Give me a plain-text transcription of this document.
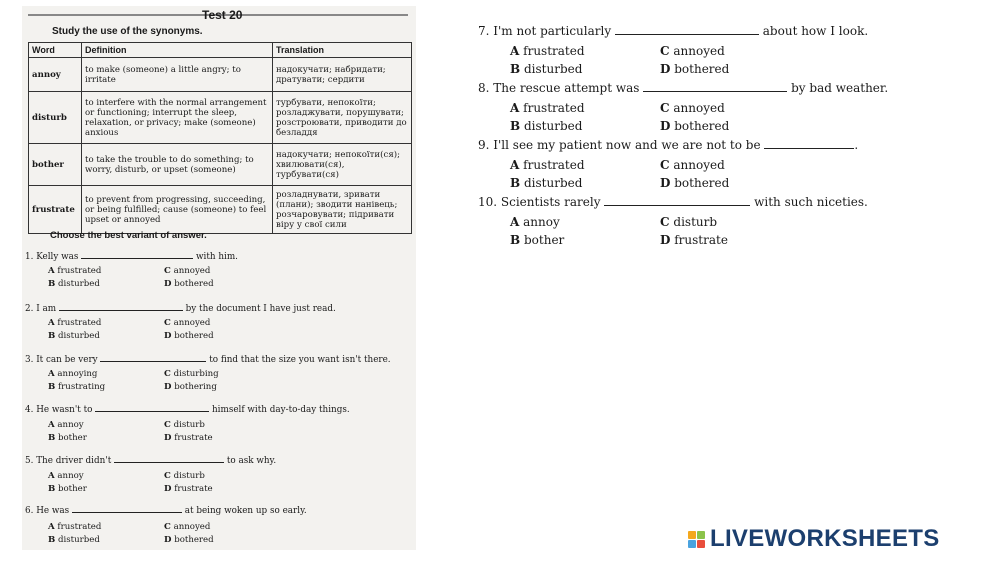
Test 20
Study the use of the synonyms.
Word	Definition	Translation
annoy	to make (someone) a little angry; to irritate	надокучати; набридати; дратувати; сердити
disturb	to interfere with the normal arrangement or functioning; interrupt the sleep, relaxation, or privacy; make (someone) anxious	турбувати, непокоїти; розладжувати, порушувати; розстроювати, приводити до безладдя
bother	to take the trouble to do something; to worry, disturb, or upset (someone)	надокучати; непокоїти(ся); хвилювати(ся), турбувати(ся)
frustrate	to prevent from progressing, succeeding, or being fulfilled; cause (someone) to feel upset or annoyed	розладнувати, зривати (плани); зводити нанівець; розчаровувати; підривати віру у свої сили
Choose the best variant of answer.
1. Kelly was	with him.
A frustrated	C annoyed
B disturbed	D bothered
2. I am	by the document I have just read.
A frustrated	C annoyed
B disturbed	D bothered
3. It can be very	to find that the size you want isn't there.
A annoying	C disturbing
B frustrating	D bothering
4. He wasn't to	himself with day-to-day things.
A annoy	C disturb
B bother	D frustrate
5. The driver didn't	to ask why.
A annoy	C disturb
B bother	D frustrate
6. He was	at being woken up so early.
A frustrated	C annoyed
B disturbed	D bothered
7. I'm not particularly	about how I look.
A frustrated	C annoyed
B disturbed	D bothered
8. The rescue attempt was	by bad weather.
A frustrated	C annoyed
B disturbed	D bothered
9. I'll see my patient now and we are not to be	.
A frustrated	C annoyed
B disturbed	D bothered
10. Scientists rarely	with such niceties.
A annoy	C disturb
B bother	D frustrate
LIVEWORKSHEETS
